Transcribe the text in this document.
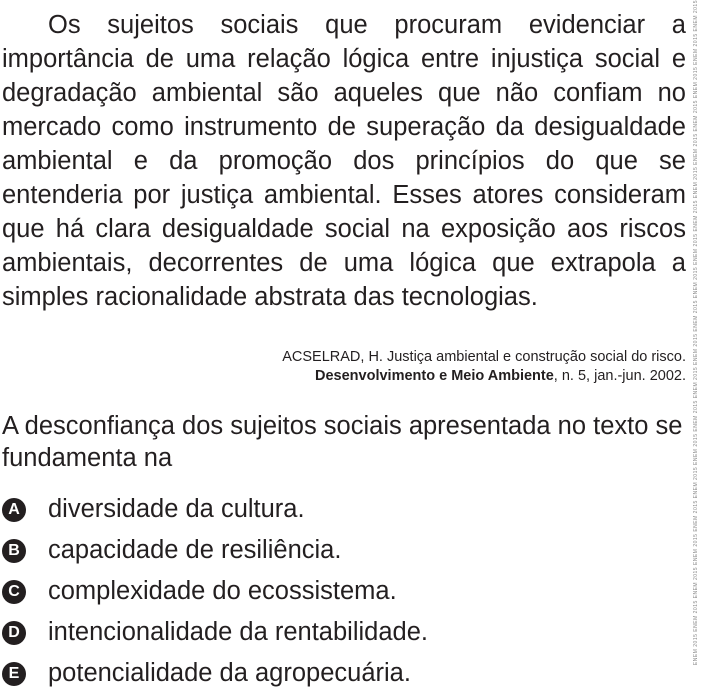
Os sujeitos sociais que procuram evidenciar a importância de uma relação lógica entre injustiça social e degradação ambiental são aqueles que não confiam no mercado como instrumento de superação da desigualdade ambiental e da promoção dos princípios do que se entenderia por justiça ambiental. Esses atores consideram que há clara desigualdade social na exposição aos riscos ambientais, decorrentes de uma lógica que extrapola a simples racionalidade abstrata das tecnologias.

ACSELRAD, H. Justiça ambiental e construção social do risco.
Desenvolvimento e Meio Ambiente, n. 5, jan.-jun. 2002.

A desconfiança dos sujeitos sociais apresentada no texto se fundamenta na

A diversidade da cultura.
B capacidade de resiliência.
C complexidade do ecossistema.
D intencionalidade da rentabilidade.
E potencialidade da agropecuária.
ENEM 2015 ENEM 2015 ENEM 2015 ENEM 2015 ENEM 2015 ENEM 2015 ENEM 2015 ENEM 2015 ENEM 2015 ENEM 2015 ENEM 2015 ENEM 2015 ENEM 2015 ENEM 2015 ENEM 2015 ENEM 2015 ENEM 2015 ENEM 2015 ENEM 2015 ENEM 2015
